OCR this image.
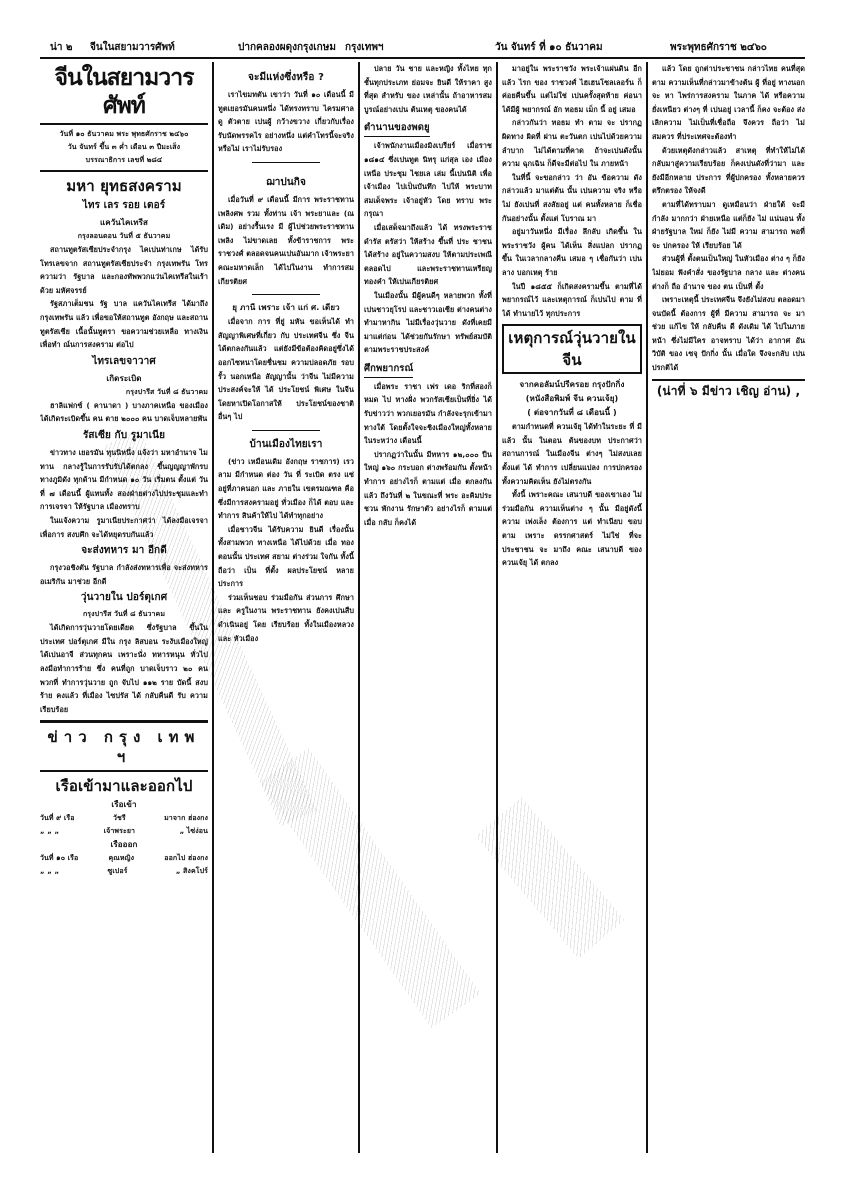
น่า ๒ จีนในสยามวารศัพท์	ปากคลองผดุงกรุงเกษม กรุงเทพฯ	วัน จันทร์ ที่ ๑๐ ธันวาคม	พระพุทธศักราช ๒๔๖๐
จีนในสยามวารศัพท์
วันที่ ๑๐ ธันวาคม พระ พุทธศักราช ๒๔๖๐
วัน จันทร์ ขึ้น ๓ ค่ำ เดือน ๓ ปีมะเส็ง
บรรณาธิการ เลขที่ ๒๘๔
มหา ยุทธสงคราม
ไทร เลร รอย เตอร์
แควันไคเทรีส
กรุงลอนดอน วันที่ ๕ ธันวาคม

สถานทูตรัสเซียประจำกรุง ไคเปนท่าเกษ ได้รับโทรเลขจาก สถานทูตรัสเซียประจำ กรุงเทพรัน โทรความว่า รัฐบาล และกองทัพพวกแว่นไคเทรีสในเร้าด้วย มหัศจรรย์

รัฐสภาเต็มชน รัฐ บาล แควันไคเทรีส ได้มาถึง กรุงเทพรัน แล้ว เพื่อขอให้สถานทูต อังกฤษ และสถาน ทูตรัสเซีย เนื้อนั้นทูตรา ขอความช่วยเหลือ ทางเงิน เพื่อทำ ณ์นการสงคราม ต่อไป

ไทรเลขจาวาศ
เกิดระเบิด
กรุงปารีส วันที่ ๘ ธันวาคม

ฮาลิแฟกซ์ ( คานาดา ) บางภาคเหนือ ของเมืองได้เกิดระเบิดขึ้น คน ตาย ๒๐๐๐ คน บาดเจ็บหลายพัน

รัสเซีย กับ รูมาเนีย

ข่าวทาง เยอรมัน ทุนนิหนึ่ง แจ้งว่า มหาอำนาจ ไมทาน กลางรู้ในการรับรับได้ตกลง ขึ้นญญญาพักรบ ทางภูมิดัง ทุกด้าน มีกำหนด ๑๐ วัน เริ่มตน ตั้งแต่ วันที่ ๗ เดือนนี้ ผู้แทนทั้ง สองฝ่ายต่างไปประชุมและทำ การเจรจา ให้รัฐบาล เมืองทราบ

ในแจ้งความ รูมาเนียประกาศว่า ได้ลงมือเจรจา เพื่อการ สงบศึก จะได้หยุดรบกันแล้ว

จะส่งทหาร มา อีกดี

กรุงวอชิงตัน รัฐบาล กำลังส่งทหารเพื่อ จะส่งทหาร อเมริกัน มาช่วย อีกดี

วุ่นวายใน ปอร์ตุเกศ
กรุงปารีส วันที่ ๘ ธันวาคม

ได้เกิดการวุ่นวายโดยเดียด ซึ่งรัฐบาล ขึ้นใน ประเทศ ปอร์ตุเกศ มีใน กรุง ลิสบอน ระงับเมืองใหญ่ ได้เปนอาจี ส่วนทุกคน เพราะนั่ง ทหารหนุน ทั่วไป ลงมือทำการร้าย ซึ่ง คนที่ถูก บาดเจ็บราว ๒๐ คน พวกที่ ทำการวุ่นวาย ถูก จับไป ๑๑๒ ราย บัดนี้ สงบ ร้าย คงแล้ว ที่เมือง ไซปรัส ได้ กลับคืนดี รับ ความ เรียบร้อย

ข่าว กรุง เทพ ฯ
เรือเข้ามาและออกไป
เรือเข้า
วันที่ ๙ เรือ	วัชรี	มาจาก ฮ่องกง
„ „ „	เจ้าพระยา	„ ไซ่ง่อน
เรือออก
วันที่ ๑๐ เรือ	คุณหญิง	ออกไป ฮ่องกง
„ „ „	ซูเปอร์	„ สิงคโปร์
จะมีแห่งซึ่งหรือ ?

เราไขมทตัน เขาว่า วันที่ ๑๐ เดือนนี้ มีทูตเยอรมันคนหนึ่ง ได้ทรงทราบ ไครมศาล ดู ตัวตาย เปนผู้ กว้างขวาง เกี่ยวกับเรื่อง รับนัดพรรคไร อย่างหนึ่ง แต่คำโทรนี้จะจริง หรือไม่ เราไม่รับรอง

ฌาปนกิจ

เมื่อวันที่ ๙ เดือนนี้ มีการ พระราชทาน เพลิงศพ รวม ทั้งท่าน เจ้า พระยาและ (ณ เดิม) อย่างรื้นเรง มี ผู้ไปช่วยพระราชทานเพลิง ไม่ขาดเลย ทั้งข้าราชการ พระราชวงศ์ ตลอดจนคนเปนอันมาก เจ้าพระยาคณะมหาดเล็ก ได้ไปในงาน ทำการสมเกียรติยศ

ยุ ภานี เพราะ เจ้า แก่ ศ. เดียว

เมื่อจาก การ ที่ยู่ มหัน ขอเห็นได้ ทำสัญญาพิเศษที่เกี่ยว กับ ประเทศจีน ซึ่ง จีนได้ตกลงกันแล้ว แต่ยังมีข้อต้องคิดอยู่ซึ่งได้ออกไซหนาโดยชื่นชม ความปลอดภัย รอบรั้ว นอกเหนือ สัญญานั้น ว่าจีน ไม่มีความประสงค์จะให้ ได้ ประโยชน์ พิเศษ ในจีน โดยหาเปิดโอกาสให้ ประโยชน์ของชาติอื่นๆ ไป

บ้านเมืองไทยเรา

(ข่าว เหมือนเดิม อังกฤษ ราชการ) เรวลาม มีกำหนด ต่อง วัน ที่ ระเบิด ตรง แซ่ อยู่ที่ภาคนอก และ ภายใน เขตรมณฑล คือ ซึ่งมีการสงครามอยู่ ทั่วเมือง ก็ได้ ตอบ และทำการ สินค้าให้ไป ได้ทำทุกอย่าง

เมื่อชาวจีน ได้รับความ ยินดี เรื่องนั้น ทั้งสามพวก ทางเหนือ ได้ไปด้วย เมื่อ ทอง ตอนนั้น ประเทศ สยาม ต่างร่วม ใจกัน ทั้งนี้ ถือว่า เป็น ที่ตั้ง ผลประโยชน์ หลาย ประการ

ร่วมเห็นชอบ ร่วมมือกัน ส่วนการ ศึกษาและ ครูในงาน พระราชทาน ยังคงเปนสืบ ดำเนินอยู่ โดย เรียบร้อย ทั้งในเมืองหลวงและ หัวเมือง

ปลาย วัน ชาย และหญิง ทั้งไทย ทุกชั้นทุกประเภท ย่อมจะ ยินดี ให้ราคา สูงที่สุด สำหรับ ของ เหล่านั้น ถ้าอาหารสมบูรณ์อย่างเปน ต้นเหตุ ของคนได้

ตำนานของพดยู

เจ้าพนักงานเมืองมิงเบรียร์ เมื่อราช ๑๘๑๔ ซึ่งเปนทูต นิทรุ แก่สุล เอง เมืองเหนือ ประชุม ไชยเล เล่ม นี้เปนนิติ เพื่อเจ้าเมือง ไปเป็นบันทึก ไปให้ พระบาท สมเด็จพระ เจ้าอยู่หัว โดย ทราบ พระ กรุณา

เมื่อเสด็จมาถึงแล้ว ได้ ทรงพระราชดำรัส ตรัสว่า ให้สร้าง ขึ้นที่ ประ ชาชน ได้สร้าง อยู่ในความสงบ ให้ตามประเพณี ตลอดไป และพระราชทานเหรียญ ทองคำ ให้เปนเกียรติยศ

ในเมืองนั้น มีผู้คนดีๆ หลายพวก ทั้งที่ เปนชาวยุโรป และชาวเอเซีย ต่างคนต่างทำมาหากิน ไม่มีเรื่องวุ่นวาย ดังที่เคยมีมาแต่ก่อน ได้ช่วยกันรักษา ทรัพย์สมบัติ ตามพระราชประสงค์

ศึกพยากรณ์

เมื่อพระ ราชา เฟร เดอ ริกที่สองก็หมด ไป ทางฝั่ง พวกรัสเซียเป็นที่ยิ่ง ได้รับข่าวว่า พวกเยอรมัน กำลังจะรุกเข้ามาทางใต้ โดยตั้งใจจะชิงเมืองใหญ่ทั้งหลาย ในระหว่าง เดือนนี้

ปรากฏว่าในนั้น มีทหาร ๑๒,๐๐๐ ปืนใหญ่ ๑๖๐ กระบอก ต่างพร้อมกัน ตั้งหน้าทำการ อย่างไรก็ ตามแต่ เมื่อ ตกลงกันแล้ว ถึงวันที่ ๒ ในขณะที่ พระ อะคิมประชวน พักงาน รักษาตัว อย่างไรก็ ตามแต่ เมื่อ กลับ ก็คงได้

มาอยู่ใน พระราชวัง พระเจ้าแผ่นดิน อีก แล้ว ไรก ของ ราชวงศ์ ไฮเฮนโซลเลอร์น ก็ค่อยคืนขึ้น แต่ไม่ใช่ เปนครั้งสุดท้าย ค่อนาได้มีผู้ พยากรณ์ อัก ทอธม เม็ก นี้ อยู่ เสมอ

กล่าวกันว่า ทอธม ทำ ตาม จะ ปรากฏ ผิดทาง ผิดที่ ผ่าน ตะวันตก เปนไปด้วยความ ลำบาก ไม่ได้ตามที่คาด ถ้าจะเปนดังนั้น ความ ฉุกเฉิน ก็ดีจะมีต่อไป ใน ภายหน้า

ในที่นี้ จะขอกล่าว ว่า อัน ข้อความ ดังกล่าวแล้ว มาแต่ต้น นั้น เปนความ จริง หรือไม่ ยังเปนที่ สงสัยอยู่ แต่ คนทั้งหลาย ก็เชื่อกันอย่างนั้น ตั้งแต่ โบราณ มา

อยู่มาวันหนึ่ง มีเรื่อง ลึกลับ เกิดขึ้น ใน พระราชวัง ผู้คน ได้เห็น สิ่งแปลก ปรากฏ ขึ้น ในเวลากลางคืน เสมอ ๆ เชื่อกันว่า เปนลาง บอกเหตุ ร้าย

ในปี ๑๘๕๕ ก็เกิดสงครามขึ้น ตามที่ได้ พยากรณ์ไว้ และเหตุการณ์ ก็เปนไป ตาม ที่ได้ ทำนายไว้ ทุกประการ

เหตุการณ์วุ่นวายในจีน
จากคอลัมน์ปรีครอย กรุงปักกิ่ง
(หนังสือพิมพ์ จีน ควนเจ้ยุ)
( ต่อจากวันที่ ๘ เดือนนี้ )

ตามกำหนดที่ ควนเจ้ยุ ได้ทำในระยะ ที่ มีแล้ว นั้น ในตอน ต้นของบท ประกาศว่า สถานการณ์ ในเมืองจีน ต่างๆ ไม่สงบเลย ตั้งแต่ ได้ ทำการ เปลี่ยนแปลง การปกครอง ทั้งความคิดเห็น ยังไม่ตรงกัน

ทั้งนี้ เพราะคณะ เสนาบดี ของเขาเอง ไม่ร่วมมือกัน ความเห็นต่าง ๆ นั้น มีอยู่ดังนี้ ความ เพ่งเล็ง ต้องการ แต่ ทำเนียบ ขอบ ตาม เพราะ ดรรกศาสตร์ ไม่ใช่ ที่จะ ประชาชน จะ มาถึง คณะ เสนาบดี ของ ควนเจ้ยุ ได้ ตกลง

แล้ว โดย ถูกต่าประชาชน กล่าวไทย คนที่สุด ตาม ความเห็นที่กล่าวมาข้างต้น ผู้ ที่อยู่ ทางนอก จะ หา ไพร่การสงคราม ในภาค ได้ หรือความ ยั่งเหนียว ต่างๆ ที่ เปนอยู่ เวลานี้ ก็คง จะต้อง ส่ง เลิกความ ไม่เป็นที่เชื่อถือ จึงควร ถือว่า ไม่สมควร ที่ประเทศจะต้องทำ

ด้วยเหตุดังกล่าวแล้ว สาเหตุ ที่ทำให้ไม่ได้ กลับมาสู่ความเรียบร้อย ก็คงเปนดังที่ว่ามา และยังมีอีกหลาย ประการ ที่ผู้ปกครอง ทั้งหลายควร ตรึกตรอง ให้จงดี

ตามที่ได้ทราบมา ดูเหมือนว่า ฝ่ายใต้ จะมีกำลัง มากกว่า ฝ่ายเหนือ แต่ก็ยัง ไม่ แน่นอน ทั้งฝ่ายรัฐบาล ใหม่ ก็ยัง ไม่มี ความ สามารถ พอที่ จะ ปกครอง ให้ เรียบร้อย ได้

ส่วนผู้ที่ ตั้งตนเป็นใหญ่ ในหัวเมือง ต่าง ๆ ก็ยังไม่ยอม ฟังคำสั่ง ของรัฐบาล กลาง และ ต่างคนต่างก็ ถือ อำนาจ ของ ตน เป็นที่ ตั้ง

เพราะเหตุนี้ ประเทศจีน จึงยังไม่สงบ ตลอดมา จนบัดนี้ ต้องการ ผู้ที่ มีความ สามารถ จะ มาช่วย แก้ไข ให้ กลับคืน ดี ดังเดิม ได้ ไปในภายหน้า ซึ่งไม่มีใคร อาจทราบ ได้ว่า อากาศ อันวิบัติ ของ เซจุ ปักกิ่ง นั้น เมื่อใด จึงจะกลับ เปนปรกติได้

(น่าที่ ๖ มีข่าว เชิญ อ่าน) ,
